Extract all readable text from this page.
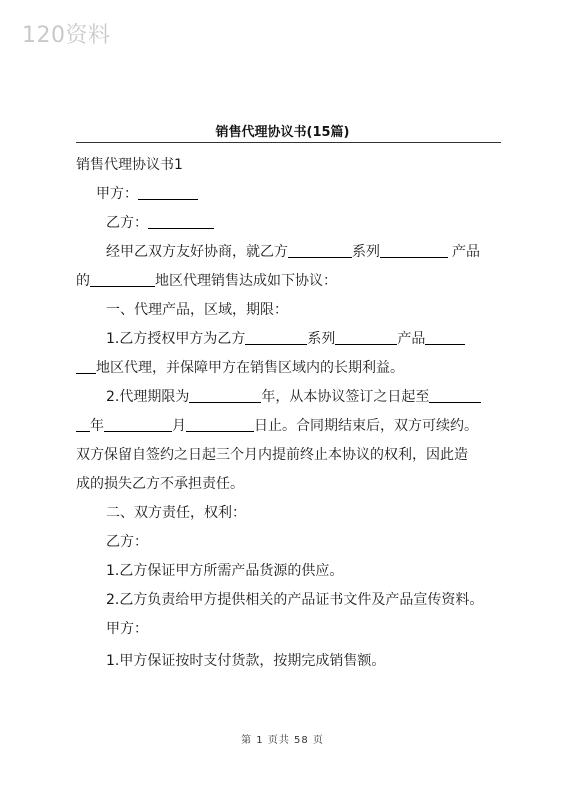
120资料
销售代理协议书(15篇)
销售代理协议书1
甲方：
乙方：
经甲乙双方友好协商，就乙方	系列	产品
的	地区代理销售达成如下协议：
一、代理产品，区域，期限：
1.乙方授权甲方为乙方	系列	产品
地区代理，并保障甲方在销售区域内的长期利益。
2.代理期限为	年，从本协议签订之日起至
年	月	日止。合同期结束后，双方可续约。
双方保留自签约之日起三个月内提前终止本协议的权利，因此造
成的损失乙方不承担责任。
二、双方责任，权利：
乙方：
1.乙方保证甲方所需产品货源的供应。
2.乙方负责给甲方提供相关的产品证书文件及产品宣传资料。
甲方：
1.甲方保证按时支付货款，按期完成销售额。
第 1 页共 58 页
